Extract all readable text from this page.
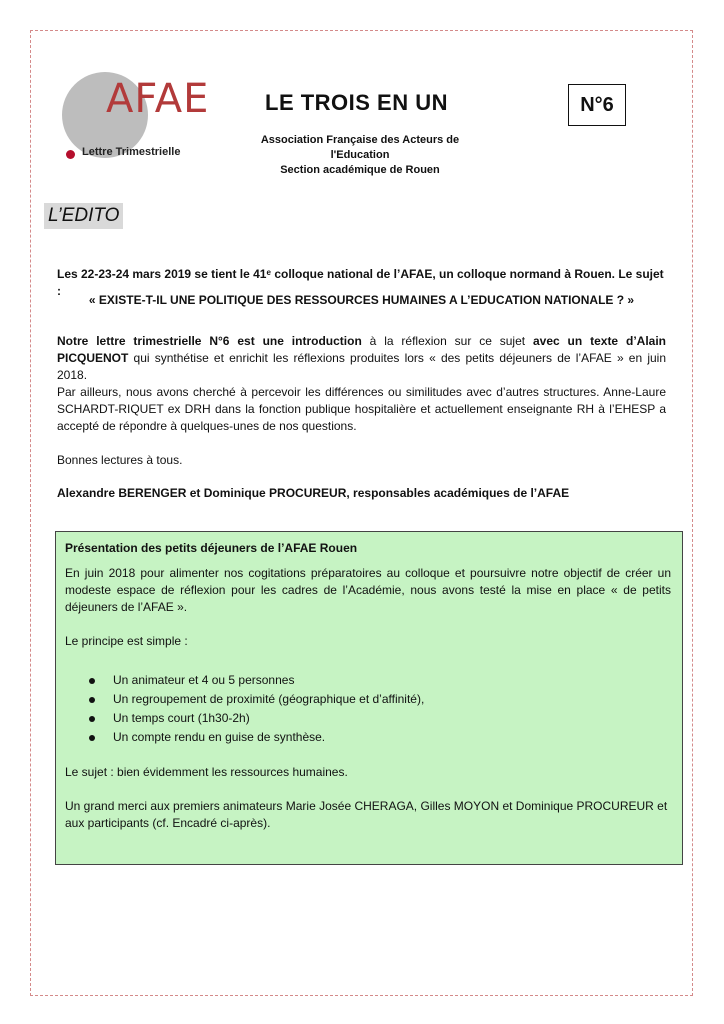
AFAE
Lettre Trimestrielle
LE TROIS EN UN
Association Française des Acteurs de l'Education
Section académique de Rouen
N°6
L’EDITO
Les 22-23-24 mars 2019 se tient le 41ᵉ colloque national de l’AFAE, un colloque normand à Rouen. Le sujet :
« EXISTE-T-IL UNE POLITIQUE DES RESSOURCES HUMAINES A L’EDUCATION NATIONALE ? »
Notre lettre trimestrielle N°6 est une introduction à la réflexion sur ce sujet avec un texte d’Alain PICQUENOT qui synthétise et enrichit les réflexions produites lors « des petits déjeuners de l’AFAE » en juin 2018.
Par ailleurs, nous avons cherché à percevoir les différences ou similitudes avec d’autres structures. Anne-Laure SCHARDT-RIQUET ex DRH dans la fonction publique hospitalière et actuellement enseignante RH à l’EHESP a accepté de répondre à quelques-unes de nos questions.
Bonnes lectures à tous.
Alexandre BERENGER et Dominique PROCUREUR, responsables académiques de l’AFAE
Présentation des petits déjeuners de l’AFAE Rouen
En juin 2018 pour alimenter nos cogitations préparatoires au colloque et poursuivre notre objectif de créer un modeste espace de réflexion pour les cadres de l’Académie, nous avons testé la mise en place « de petits déjeuners de l’AFAE ».
Le principe est simple :
Un animateur et 4 ou 5 personnes
Un regroupement de proximité (géographique et d’affinité),
Un temps court (1h30-2h)
Un compte rendu en guise de synthèse.
Le sujet : bien évidemment les ressources humaines.
Un grand merci aux premiers animateurs Marie Josée CHERAGA, Gilles MOYON et Dominique PROCUREUR et aux participants (cf. Encadré ci-après).
